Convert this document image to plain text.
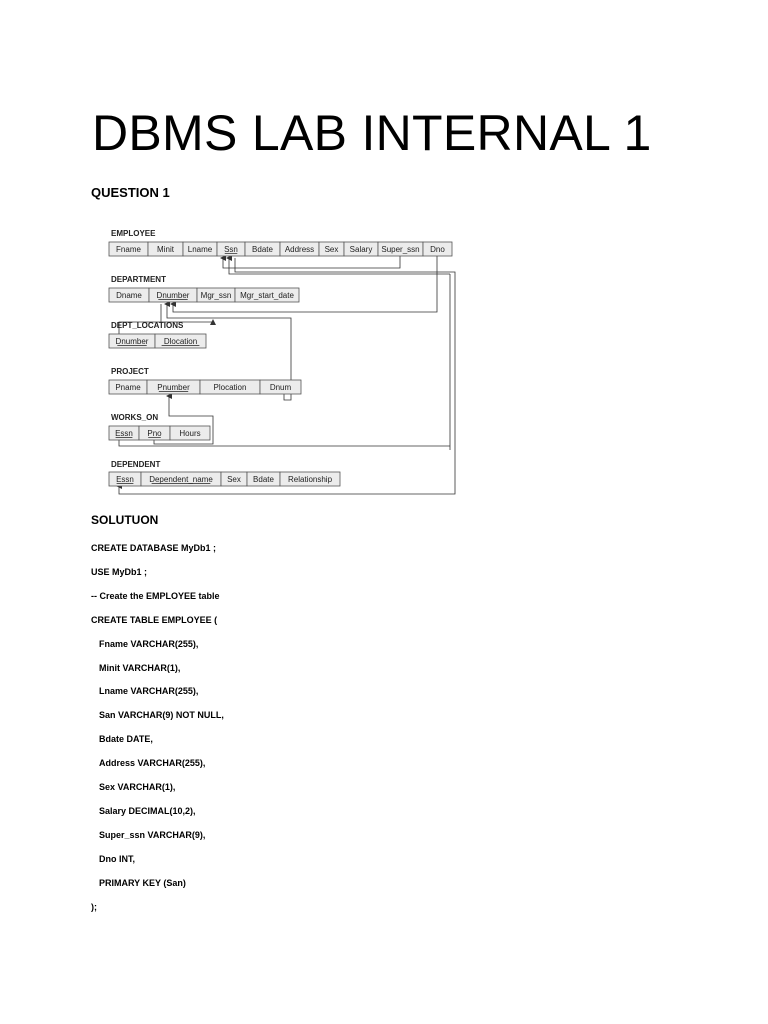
DBMS LAB INTERNAL 1
QUESTION 1
EMPLOYEE
Fname Minit Lname Ssn Bdate Address Sex Salary Super_ssn Dno
DEPARTMENT
Dname Dnumber Mgr_ssn Mgr_start_date
DEPT_LOCATIONS
Dnumber Dlocation
PROJECT
Pname Pnumber	Plocation	Dnum
WORKS_ON
Essn Pno Hours
DEPENDENT
Essn Dependent_name Sex Bdate Relationship
SOLUTUON

CREATE DATABASE MyDb1 ;

USE MyDb1 ;

-- Create the EMPLOYEE table

CREATE TABLE EMPLOYEE (

Fname VARCHAR(255),

Minit VARCHAR(1),

Lname VARCHAR(255),

San VARCHAR(9) NOT NULL,

Bdate DATE,

Address VARCHAR(255),

Sex VARCHAR(1),

Salary DECIMAL(10,2),

Super_ssn VARCHAR(9),

Dno INT,

PRIMARY KEY (San)

);
